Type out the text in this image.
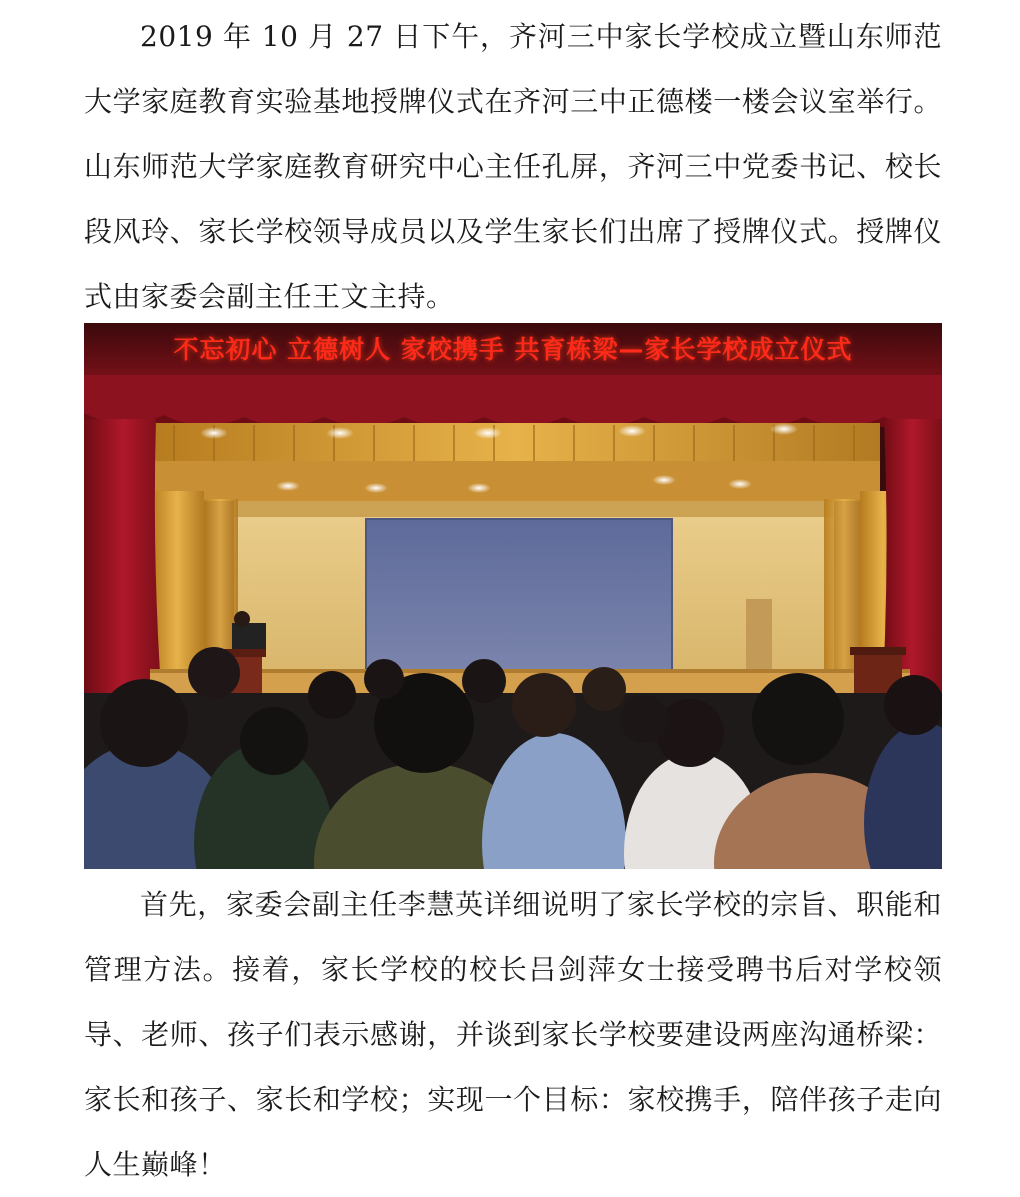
2019 年 10 月 27 日下午，齐河三中家长学校成立暨山东师范大学家庭教育实验基地授牌仪式在齐河三中正德楼一楼会议室举行。山东师范大学家庭教育研究中心主任孔屏，齐河三中党委书记、校长段风玲、家长学校领导成员以及学生家长们出席了授牌仪式。授牌仪式由家委会副主任王文主持。

不忘初心 立德树人 家校携手 共育栋梁—家长学校成立仪式

首先，家委会副主任李慧英详细说明了家长学校的宗旨、职能和管理方法。接着，家长学校的校长吕剑萍女士接受聘书后对学校领导、老师、孩子们表示感谢，并谈到家长学校要建设两座沟通桥梁：家长和孩子、家长和学校；实现一个目标：家校携手，陪伴孩子走向人生巅峰！
